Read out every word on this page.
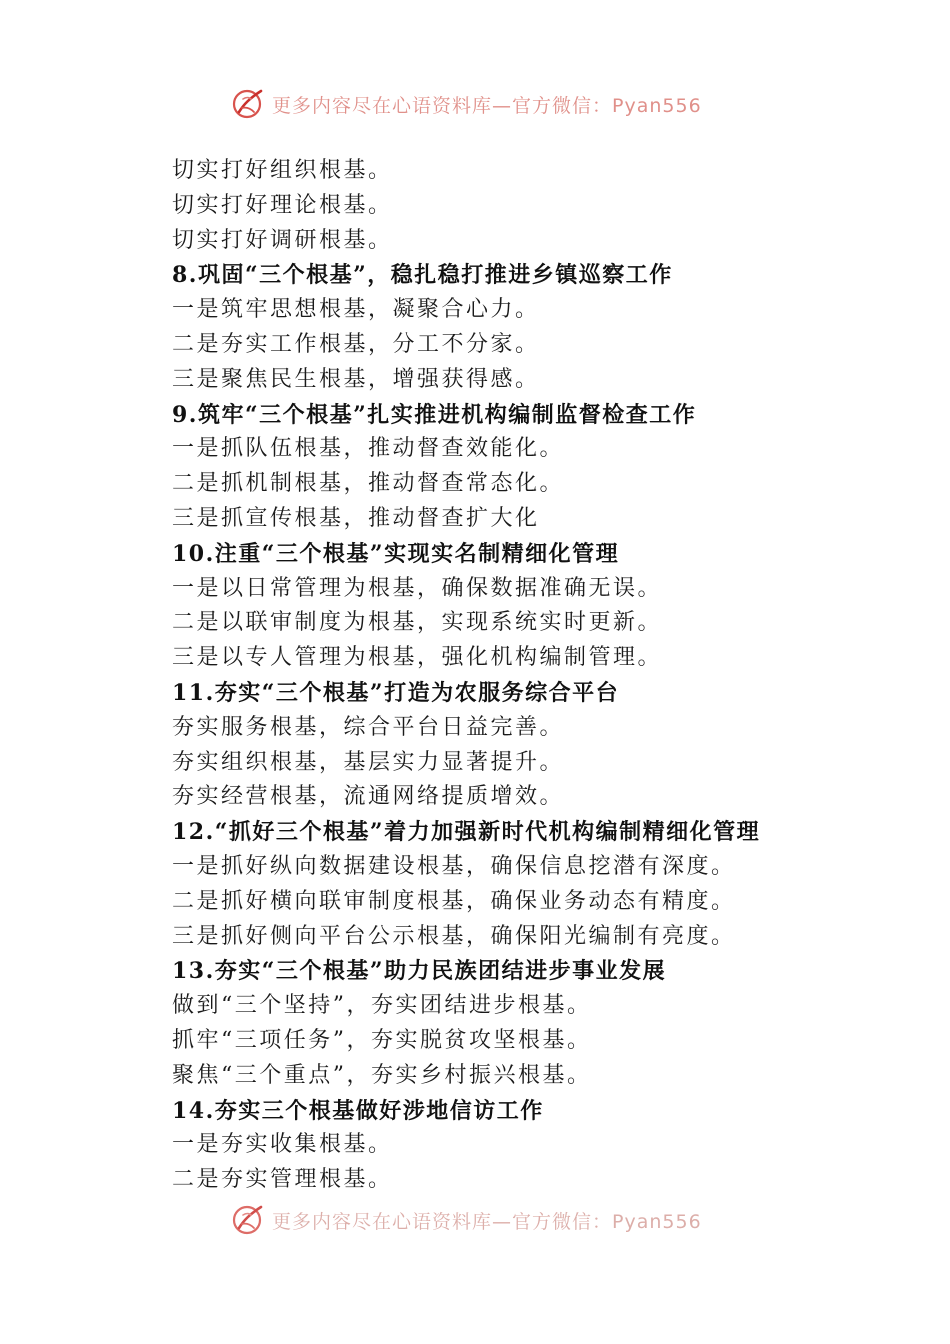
更多内容尽在心语资料库—官方微信：Pyan556
切实打好组织根基。
切实打好理论根基。
切实打好调研根基。
8.巩固“三个根基”，稳扎稳打推进乡镇巡察工作
一是筑牢思想根基，凝聚合心力。
二是夯实工作根基，分工不分家。
三是聚焦民生根基，增强获得感。
9.筑牢“三个根基”扎实推进机构编制监督检查工作
一是抓队伍根基，推动督查效能化。
二是抓机制根基，推动督查常态化。
三是抓宣传根基，推动督查扩大化
10.注重“三个根基”实现实名制精细化管理
一是以日常管理为根基，确保数据准确无误。
二是以联审制度为根基，实现系统实时更新。
三是以专人管理为根基，强化机构编制管理。
11.夯实“三个根基”打造为农服务综合平台
夯实服务根基，综合平台日益完善。
夯实组织根基，基层实力显著提升。
夯实经营根基，流通网络提质增效。
12.“抓好三个根基”着力加强新时代机构编制精细化管理
一是抓好纵向数据建设根基，确保信息挖潜有深度。
二是抓好横向联审制度根基，确保业务动态有精度。
三是抓好侧向平台公示根基，确保阳光编制有亮度。
13.夯实“三个根基”助力民族团结进步事业发展
做到“三个坚持”，夯实团结进步根基。
抓牢“三项任务”，夯实脱贫攻坚根基。
聚焦“三个重点”，夯实乡村振兴根基。
14.夯实三个根基做好涉地信访工作
一是夯实收集根基。
二是夯实管理根基。
更多内容尽在心语资料库—官方微信：Pyan556
